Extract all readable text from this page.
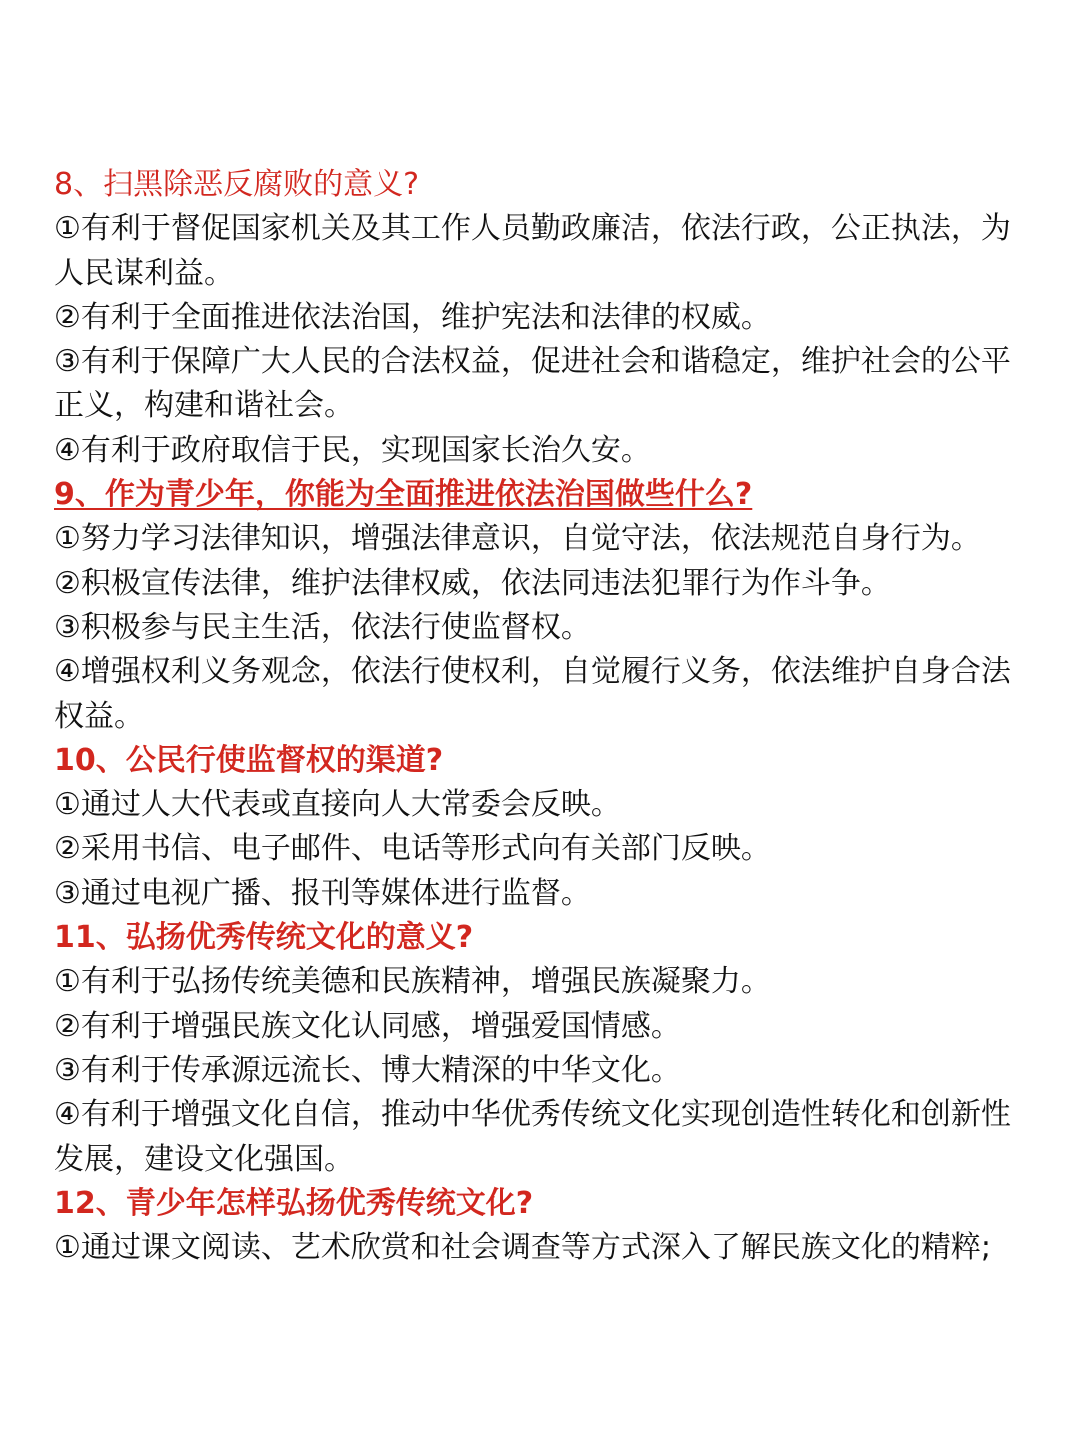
8、扫黑除恶反腐败的意义?
①有利于督促国家机关及其工作人员勤政廉洁，依法行政，公正执法，为
人民谋利益。
②有利于全面推进依法治国，维护宪法和法律的权威。
③有利于保障广大人民的合法权益，促进社会和谐稳定，维护社会的公平
正义，构建和谐社会。
④有利于政府取信于民，实现国家长治久安。
9、作为青少年，你能为全面推进依法治国做些什么?
①努力学习法律知识，增强法律意识，自觉守法，依法规范自身行为。
②积极宣传法律，维护法律权威，依法同违法犯罪行为作斗争。
③积极参与民主生活，依法行使监督权。
④增强权利义务观念，依法行使权利，自觉履行义务，依法维护自身合法
权益。
10、公民行使监督权的渠道?
①通过人大代表或直接向人大常委会反映。
②采用书信、电子邮件、电话等形式向有关部门反映。
③通过电视广播、报刊等媒体进行监督。
11、弘扬优秀传统文化的意义?
①有利于弘扬传统美德和民族精神，增强民族凝聚力。
②有利于增强民族文化认同感，增强爱国情感。
③有利于传承源远流长、博大精深的中华文化。
④有利于增强文化自信，推动中华优秀传统文化实现创造性转化和创新性
发展，建设文化强国。
12、青少年怎样弘扬优秀传统文化?
①通过课文阅读、艺术欣赏和社会调查等方式深入了解民族文化的精粹;
